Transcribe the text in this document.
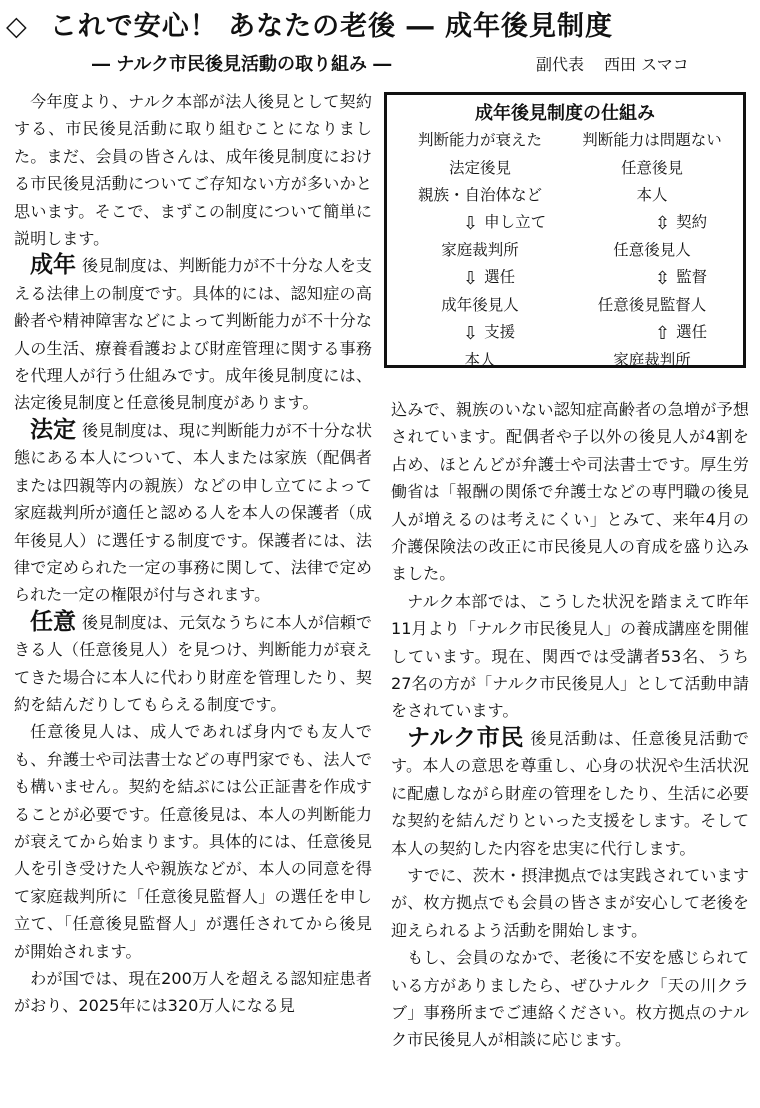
◇ これで安心！ あなたの老後 ― 成年後見制度
― ナルク市民後見活動の取り組み ―	副代表 西田 スマコ

今年度より、ナルク本部が法人後見として契約する、市民後見活動に取り組むことになりました。まだ、会員の皆さんは、成年後見制度における市民後見活動についてご存知ない方が多いかと思います。そこで、まずこの制度について簡単に説明します。

成年 後見制度は、判断能力が不十分な人を支える法律上の制度です。具体的には、認知症の高齢者や精神障害などによって判断能力が不十分な人の生活、療養看護および財産管理に関する事務を代理人が行う仕組みです。成年後見制度には、法定後見制度と任意後見制度があります。

法定 後見制度は、現に判断能力が不十分な状態にある本人について、本人または家族（配偶者または四親等内の親族）などの申し立てによって家庭裁判所が適任と認める人を本人の保護者（成年後見人）に選任する制度です。保護者には、法律で定められた一定の事務に関して、法律で定められた一定の権限が付与されます。

任意 後見制度は、元気なうちに本人が信頼できる人（任意後見人）を見つけ、判断能力が衰えてきた場合に本人に代わり財産を管理したり、契約を結んだりしてもらえる制度です。

任意後見人は、成人であれば身内でも友人でも、弁護士や司法書士などの専門家でも、法人でも構いません。契約を結ぶには公正証書を作成することが必要です。任意後見は、本人の判断能力が衰えてから始まります。具体的には、任意後見人を引き受けた人や親族などが、本人の同意を得て家庭裁判所に「任意後見監督人」の選任を申し立て、「任意後見監督人」が選任されてから後見が開始されます。

わが国では、現在200万人を超える認知症患者がおり、2025年には320万人になる見

成年後見制度の仕組み
判断能力が衰えた	判断能力は問題ない
法定後見	任意後見
親族・自治体など	本人
⇩ 申し立て	⇳ 契約
家庭裁判所	任意後見人
⇩ 選任	⇳ 監督
成年後見人	任意後見監督人
⇩ 支援	⇧ 選任
本人	家庭裁判所

込みで、親族のいない認知症高齢者の急増が予想されています。配偶者や子以外の後見人が4割を占め、ほとんどが弁護士や司法書士です。厚生労働省は「報酬の関係で弁護士などの専門職の後見人が増えるのは考えにくい」とみて、来年4月の介護保険法の改正に市民後見人の育成を盛り込みました。

ナルク本部では、こうした状況を踏まえて昨年11月より「ナルク市民後見人」の養成講座を開催しています。現在、関西では受講者53名、うち27名の方が「ナルク市民後見人」として活動申請をされています。

ナルク市民 後見活動は、任意後見活動です。本人の意思を尊重し、心身の状況や生活状況に配慮しながら財産の管理をしたり、生活に必要な契約を結んだりといった支援をします。そして本人の契約した内容を忠実に代行します。

すでに、茨木・摂津拠点では実践されていますが、枚方拠点でも会員の皆さまが安心して老後を迎えられるよう活動を開始します。

もし、会員のなかで、老後に不安を感じられている方がありましたら、ぜひナルク「天の川クラブ」事務所までご連絡ください。枚方拠点のナルク市民後見人が相談に応じます。
